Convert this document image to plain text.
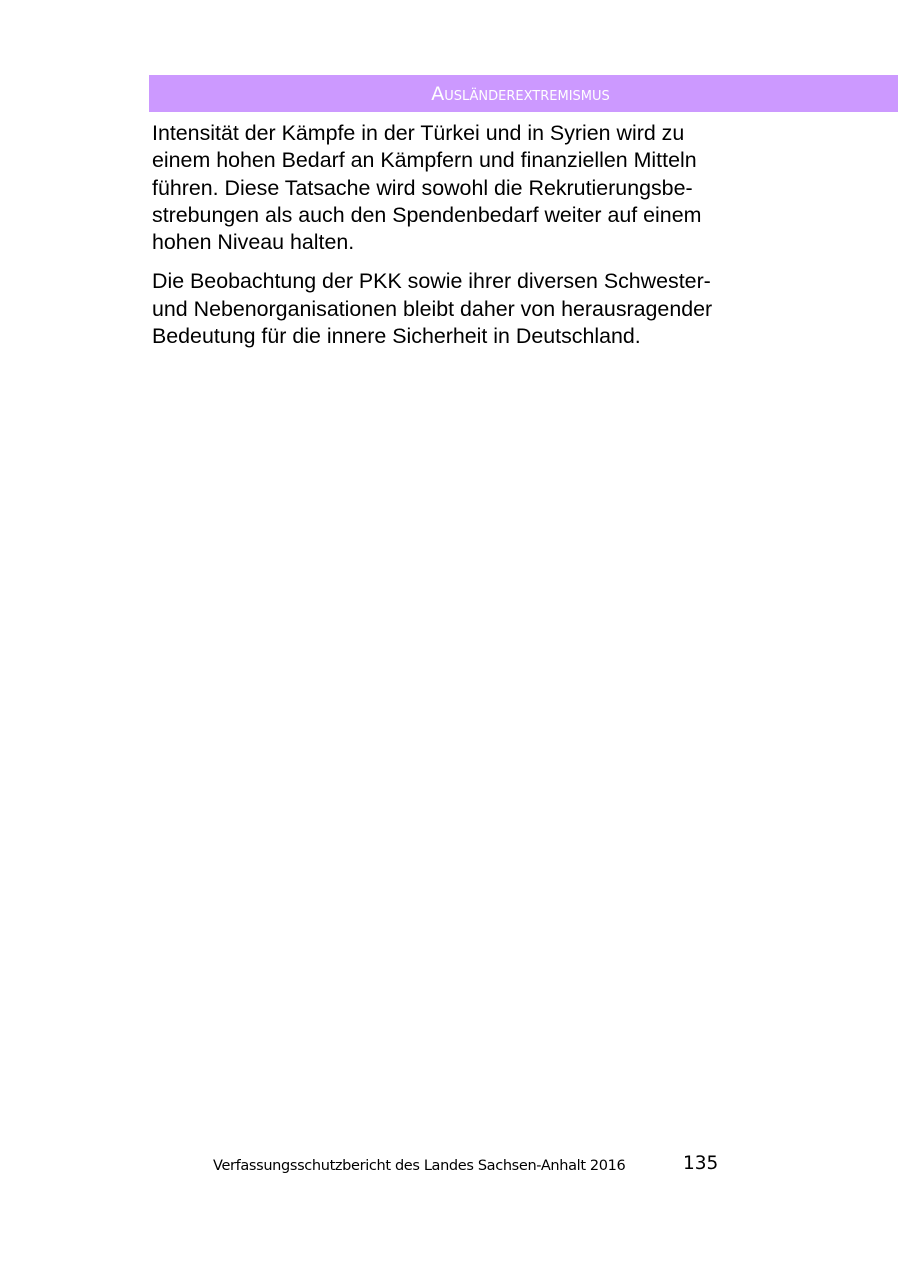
Ausländerextremismus

Intensität der Kämpfe in der Türkei und in Syrien wird zu
einem hohen Bedarf an Kämpfern und finanziellen Mitteln
führen. Diese Tatsache wird sowohl die Rekrutierungsbe-
strebungen als auch den Spendenbedarf weiter auf einem
hohen Niveau halten.

Die Beobachtung der PKK sowie ihrer diversen Schwester-
und Nebenorganisationen bleibt daher von herausragender
Bedeutung für die innere Sicherheit in Deutschland.

Verfassungsschutzbericht des Landes Sachsen-Anhalt 2016	135
